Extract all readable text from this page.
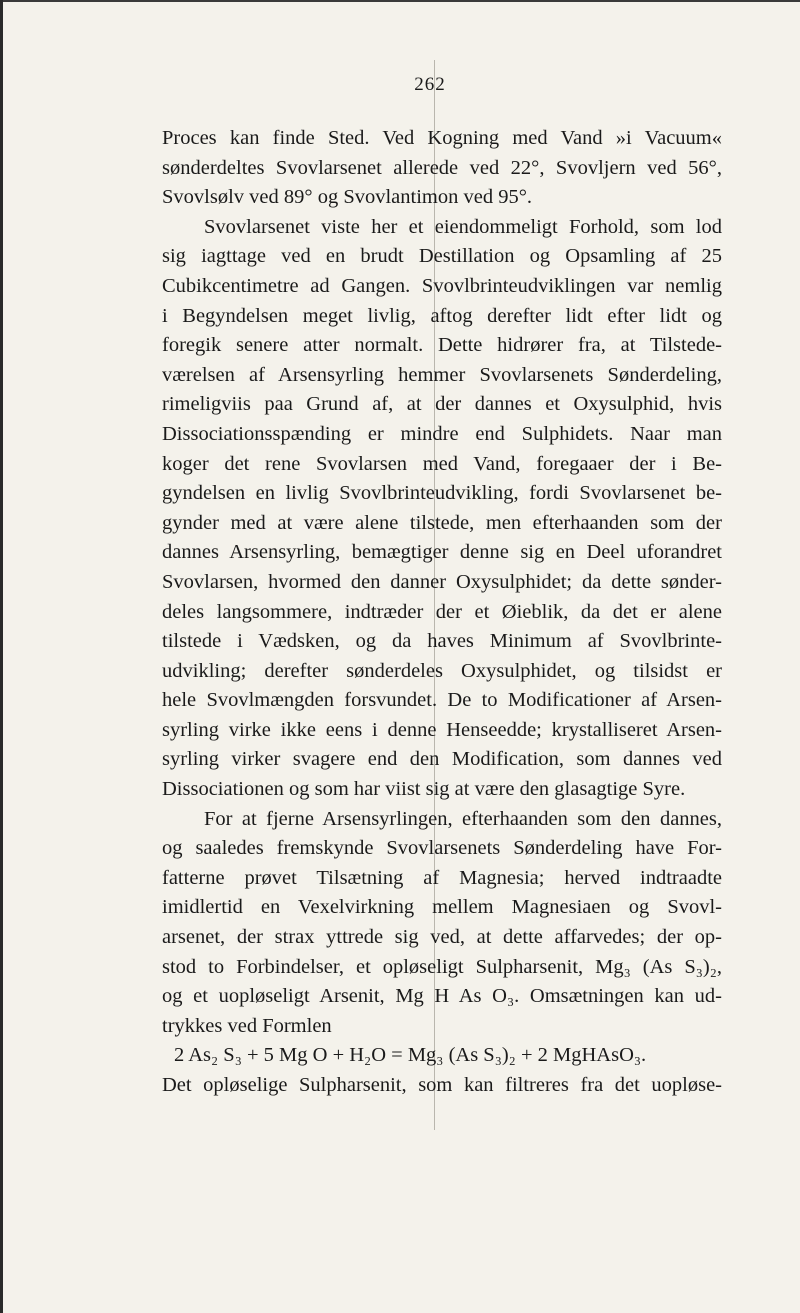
262
Proces kan finde Sted. Ved Kogning med Vand »i Vacuum«
sønderdeltes Svovlarsenet allerede ved 22°, Svovljern ved 56°,
Svovlsølv ved 89° og Svovlantimon ved 95°.
Svovlarsenet viste her et eiendommeligt Forhold, som lod
sig iagttage ved en brudt Destillation og Opsamling af 25
Cubikcentimetre ad Gangen. Svovlbrinteudviklingen var nemlig
i Begyndelsen meget livlig, aftog derefter lidt efter lidt og
foregik senere atter normalt. Dette hidrører fra, at Tilstede-
værelsen af Arsensyrling hemmer Svovlarsenets Sønderdeling,
rimeligviis paa Grund af, at der dannes et Oxysulphid, hvis
Dissociationsspænding er mindre end Sulphidets. Naar man
koger det rene Svovlarsen med Vand, foregaaer der i Be-
gyndelsen en livlig Svovlbrinteudvikling, fordi Svovlarsenet be-
gynder med at være alene tilstede, men efterhaanden som der
dannes Arsensyrling, bemægtiger denne sig en Deel uforandret
Svovlarsen, hvormed den danner Oxysulphidet; da dette sønder-
deles langsommere, indtræder der et Øieblik, da det er alene
tilstede i Vædsken, og da haves Minimum af Svovlbrinte-
udvikling; derefter sønderdeles Oxysulphidet, og tilsidst er
hele Svovlmængden forsvundet. De to Modificationer af Arsen-
syrling virke ikke eens i denne Henseedde; krystalliseret Arsen-
syrling virker svagere end den Modification, som dannes ved
Dissociationen og som har viist sig at være den glasagtige Syre.
For at fjerne Arsensyrlingen, efterhaanden som den dannes,
og saaledes fremskynde Svovlarsenets Sønderdeling have For-
fatterne prøvet Tilsætning af Magnesia; herved indtraadte
imidlertid en Vexelvirkning mellem Magnesiaen og Svovl-
arsenet, der strax yttrede sig ved, at dette affarvedes; der op-
stod to Forbindelser, et opløseligt Sulpharsenit, Mg₃ (As S₃)₂,
og et uopløseligt Arsenit, Mg H As O₃. Omsætningen kan ud-
trykkes ved Formlen
2 As₂ S₃ + 5 Mg O + H₂O = Mg₃ (As S₃)₂ + 2 MgHAsO₃.
Det opløselige Sulpharsenit, som kan filtreres fra det uopløse-
